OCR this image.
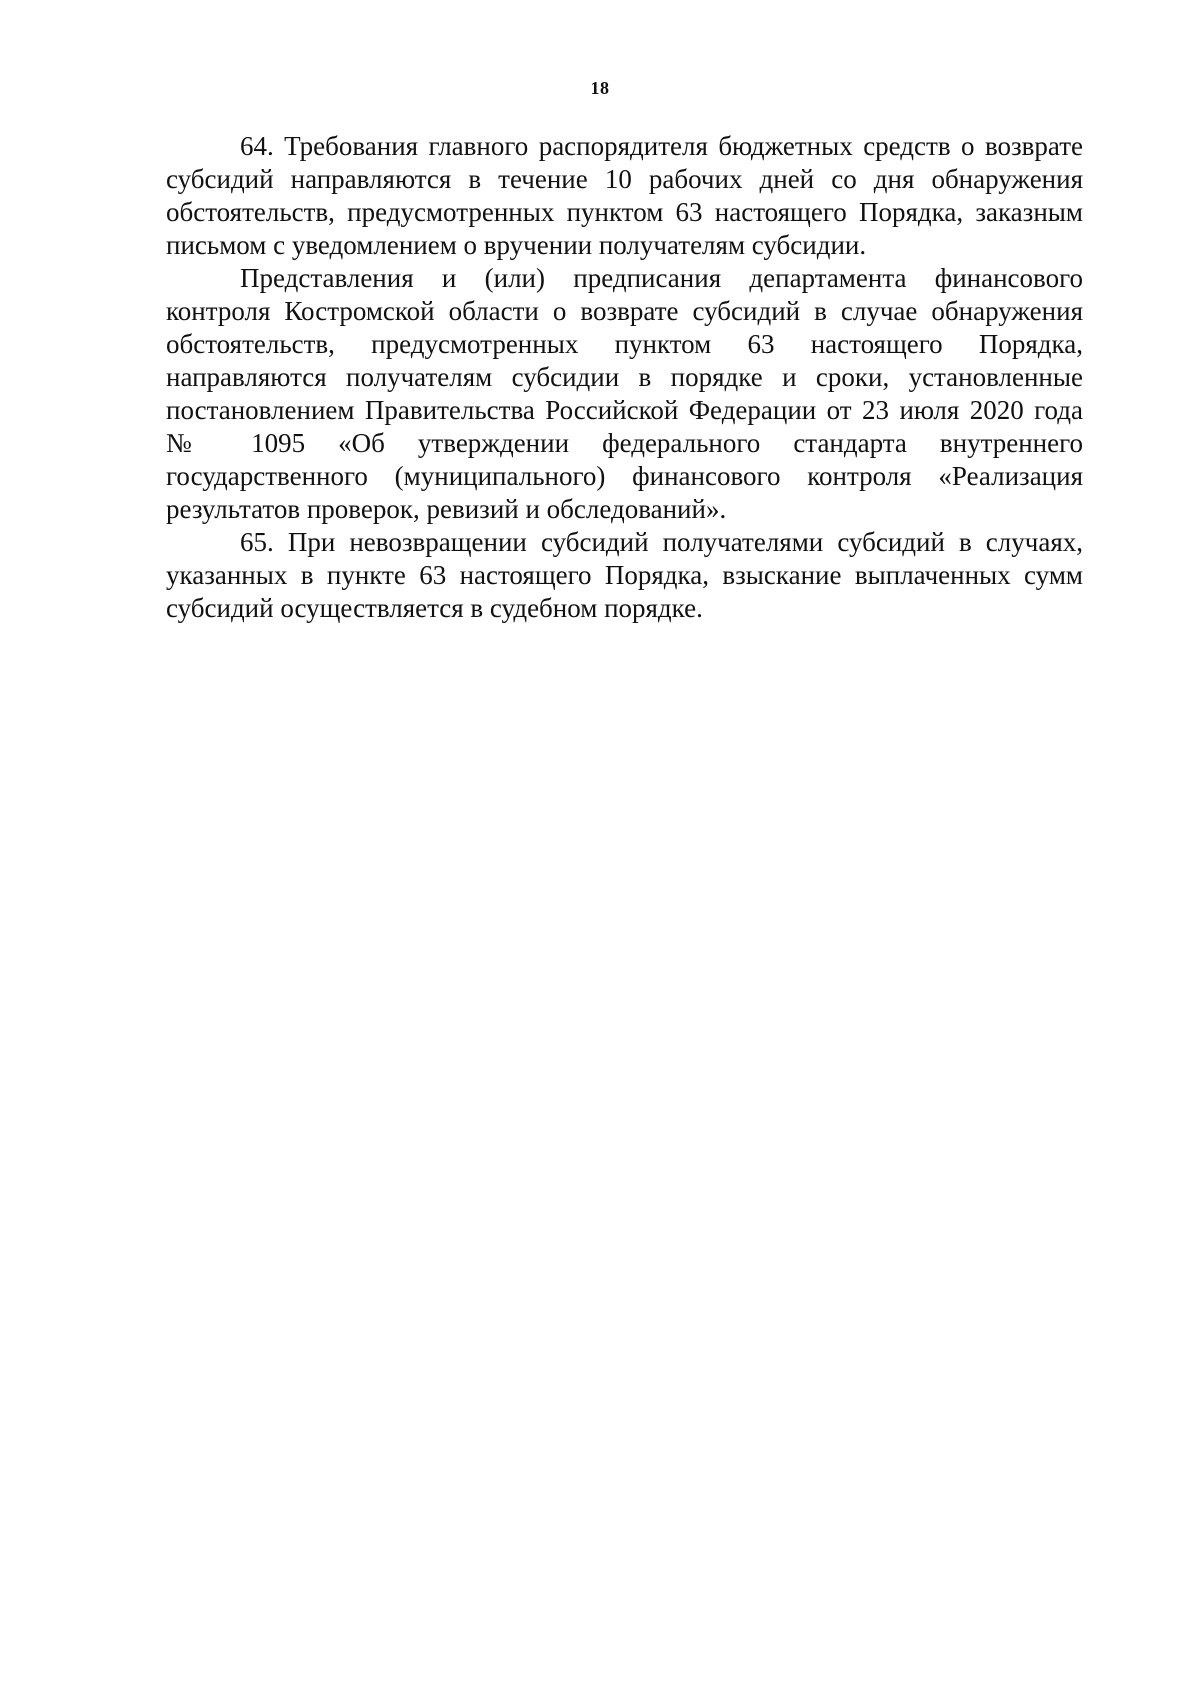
18

64. Требования главного распорядителя бюджетных средств о возврате субсидий направляются в течение 10 рабочих дней со дня обнаружения обстоятельств, предусмотренных пунктом 63 настоящего Порядка, заказным письмом с уведомлением о вручении получателям субсидии.

Представления и (или) предписания департамента финансового контроля Костромской области о возврате субсидий в случае обнаружения обстоятельств, предусмотренных пунктом 63 настоящего Порядка, направляются получателям субсидии в порядке и сроки, установленные постановлением Правительства Российской Федерации от 23 июля 2020 года № 1095 «Об утверждении федерального стандарта внутреннего государственного (муниципального) финансового контроля «Реализация результатов проверок, ревизий и обследований».

65. При невозвращении субсидий получателями субсидий в случаях, указанных в пункте 63 настоящего Порядка, взыскание выплаченных сумм субсидий осуществляется в судебном порядке.
